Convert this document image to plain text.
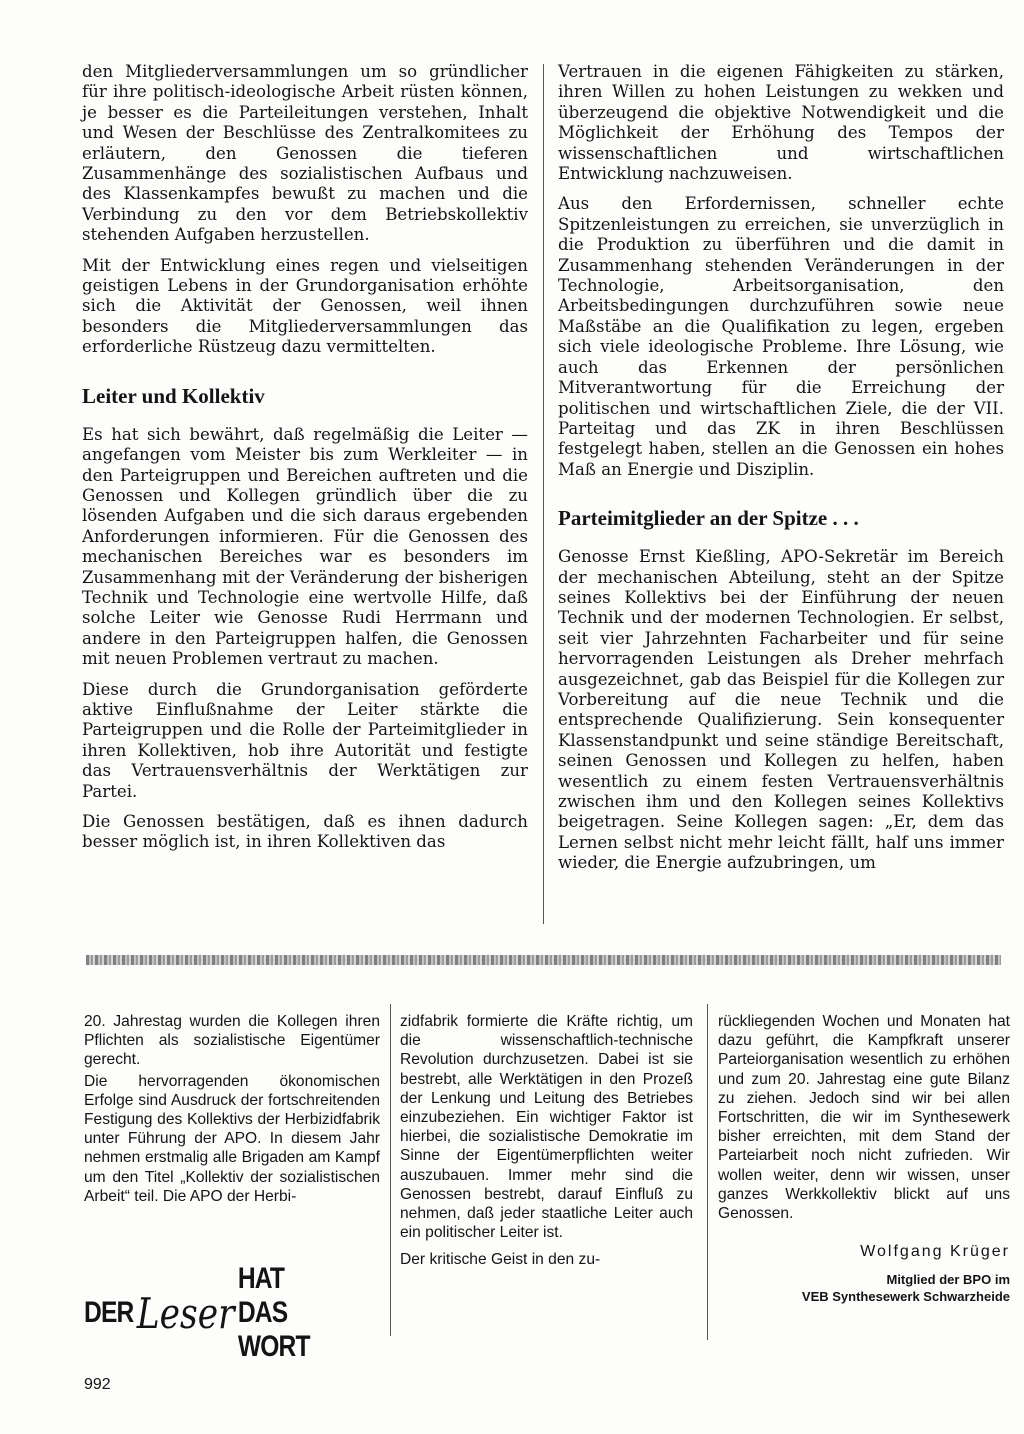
den Mitgliederversammlungen um so gründlicher für ihre politisch-ideologische Arbeit rüsten können, je besser es die Parteileitungen verstehen, Inhalt und Wesen der Beschlüsse des Zentralkomitees zu erläutern, den Genossen die tieferen Zusammenhänge des sozialistischen Aufbaus und des Klassenkampfes bewußt zu machen und die Verbindung zu den vor dem Betriebskollektiv stehenden Aufgaben herzustellen.

Mit der Entwicklung eines regen und vielseitigen geistigen Lebens in der Grundorganisation erhöhte sich die Aktivität der Genossen, weil ihnen besonders die Mitgliederversammlungen das erforderliche Rüstzeug dazu vermittelten.

Leiter und Kollektiv

Es hat sich bewährt, daß regelmäßig die Leiter — angefangen vom Meister bis zum Werkleiter — in den Parteigruppen und Bereichen auftreten und die Genossen und Kollegen gründlich über die zu lösenden Aufgaben und die sich daraus ergebenden Anforderungen informieren. Für die Genossen des mechanischen Bereiches war es besonders im Zusammenhang mit der Veränderung der bisherigen Technik und Technologie eine wertvolle Hilfe, daß solche Leiter wie Genosse Rudi Herrmann und andere in den Parteigruppen halfen, die Genossen mit neuen Problemen vertraut zu machen.

Diese durch die Grundorganisation geförderte aktive Einflußnahme der Leiter stärkte die Parteigruppen und die Rolle der Parteimitglieder in ihren Kollektiven, hob ihre Autorität und festigte das Vertrauensverhältnis der Werktätigen zur Partei.

Die Genossen bestätigen, daß es ihnen dadurch besser möglich ist, in ihren Kollektiven das

Vertrauen in die eigenen Fähigkeiten zu stärken, ihren Willen zu hohen Leistungen zu wekken und überzeugend die objektive Notwendigkeit und die Möglichkeit der Erhöhung des Tempos der wissenschaftlichen und wirtschaftlichen Entwicklung nachzuweisen.

Aus den Erfordernissen, schneller echte Spitzenleistungen zu erreichen, sie unverzüglich in die Produktion zu überführen und die damit in Zusammenhang stehenden Veränderungen in der Technologie, Arbeitsorganisation, den Arbeitsbedingungen durchzuführen sowie neue Maßstäbe an die Qualifikation zu legen, ergeben sich viele ideologische Probleme. Ihre Lösung, wie auch das Erkennen der persönlichen Mitverantwortung für die Erreichung der politischen und wirtschaftlichen Ziele, die der VII. Parteitag und das ZK in ihren Beschlüssen festgelegt haben, stellen an die Genossen ein hohes Maß an Energie und Disziplin.

Parteimitglieder an der Spitze . . .

Genosse Ernst Kießling, APO-Sekretär im Bereich der mechanischen Abteilung, steht an der Spitze seines Kollektivs bei der Einführung der neuen Technik und der modernen Technologien. Er selbst, seit vier Jahrzehnten Facharbeiter und für seine hervorragenden Leistungen als Dreher mehrfach ausgezeichnet, gab das Beispiel für die Kollegen zur Vorbereitung auf die neue Technik und die entsprechende Qualifizierung. Sein konsequenter Klassenstandpunkt und seine ständige Bereitschaft, seinen Genossen und Kollegen zu helfen, haben wesentlich zu einem festen Vertrauensverhältnis zwischen ihm und den Kollegen seines Kollektivs beigetragen. Seine Kollegen sagen: „Er, dem das Lernen selbst nicht mehr leicht fällt, half uns immer wieder, die Energie aufzubringen, um

20. Jahrestag wurden die Kollegen ihren Pflichten als sozialistische Eigentümer gerecht.

Die hervorragenden ökonomischen Erfolge sind Ausdruck der fortschreitenden Festigung des Kollektivs der Herbizidfabrik unter Führung der APO. In diesem Jahr nehmen erstmalig alle Brigaden am Kampf um den Titel „Kollektiv der sozialistischen Arbeit“ teil. Die APO der Herbi-

zidfabrik formierte die Kräfte richtig, um die wissenschaftlich-technische Revolution durchzusetzen. Dabei ist sie bestrebt, alle Werktätigen in den Prozeß der Lenkung und Leitung des Betriebes einzubeziehen. Ein wichtiger Faktor ist hierbei, die sozialistische Demokratie im Sinne der Eigentümerpflichten weiter auszubauen. Immer mehr sind die Genossen bestrebt, darauf Einfluß zu nehmen, daß jeder staatliche Leiter auch ein politischer Leiter ist.

Der kritische Geist in den zu-

rückliegenden Wochen und Monaten hat dazu geführt, die Kampfkraft unserer Parteiorganisation wesentlich zu erhöhen und zum 20. Jahrestag eine gute Bilanz zu ziehen. Jedoch sind wir bei allen Fortschritten, die wir im Synthesewerk bisher erreichten, mit dem Stand der Parteiarbeit noch nicht zufrieden. Wir wollen weiter, denn wir wissen, unser ganzes Werkkollektiv blickt auf uns Genossen.

Wolfgang Krüger
Mitglied der BPO im
VEB Synthesewerk Schwarzheide
DER Leser
HAT DAS WORT
992
